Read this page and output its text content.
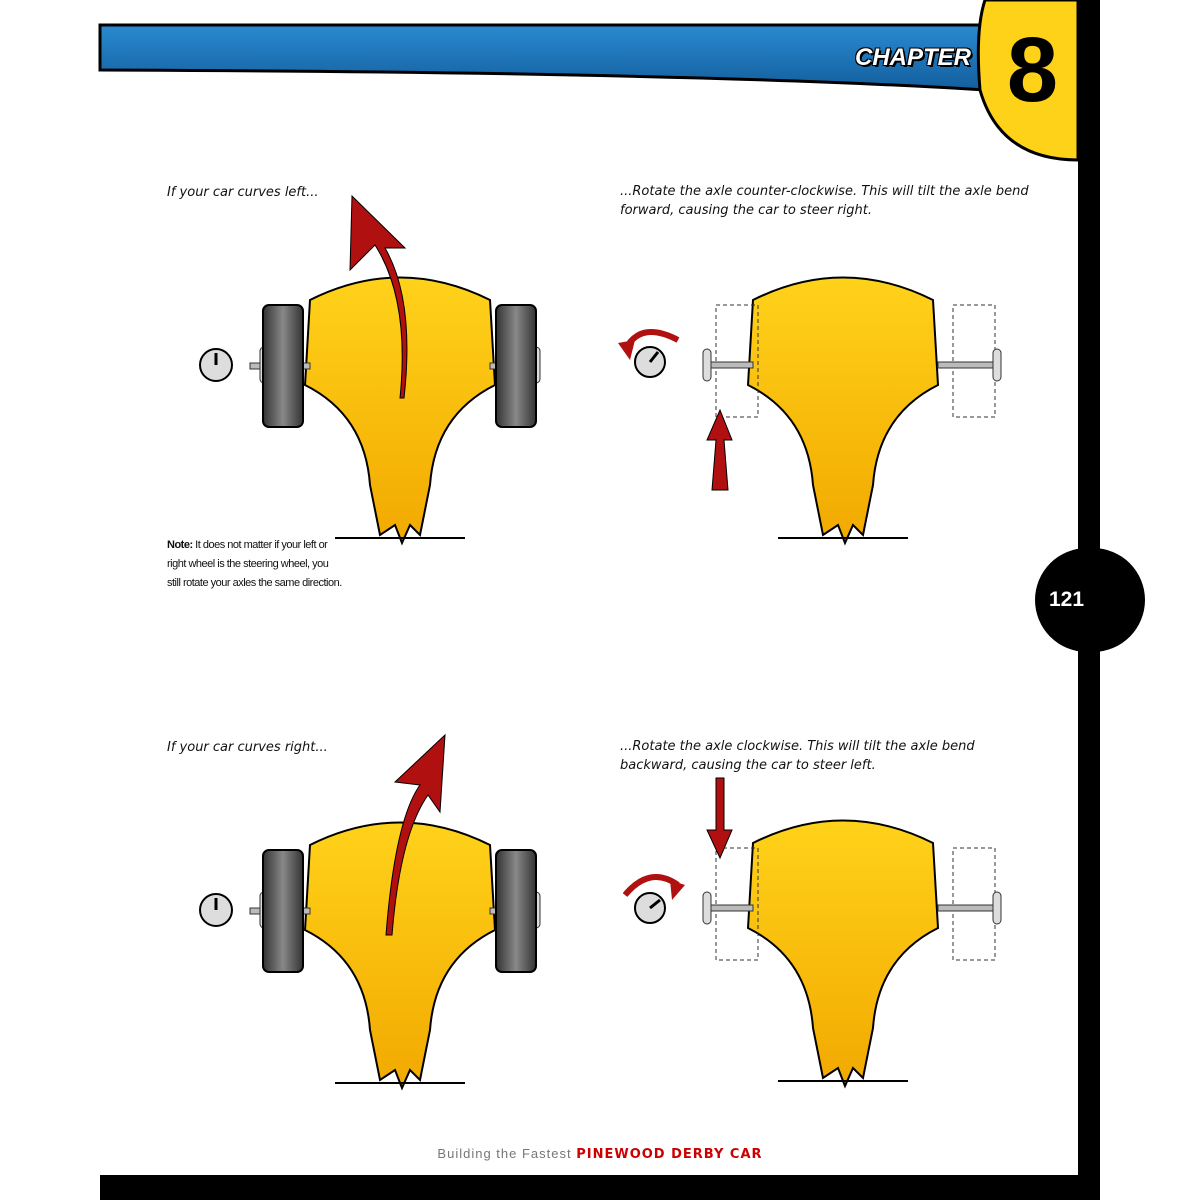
CHAPTER 8
If your car curves left...	...Rotate the axle counter-clockwise. This will tilt the axle bend forward, causing the car to steer right.
If your car curves right...	...Rotate the axle clockwise. This will tilt the axle bend backward, causing the car to steer left.
Note: It does not matter if your left or right wheel is the steering wheel, you still rotate your axles the same direction.
121
Building the Fastest PINEWOOD DERBY CAR
